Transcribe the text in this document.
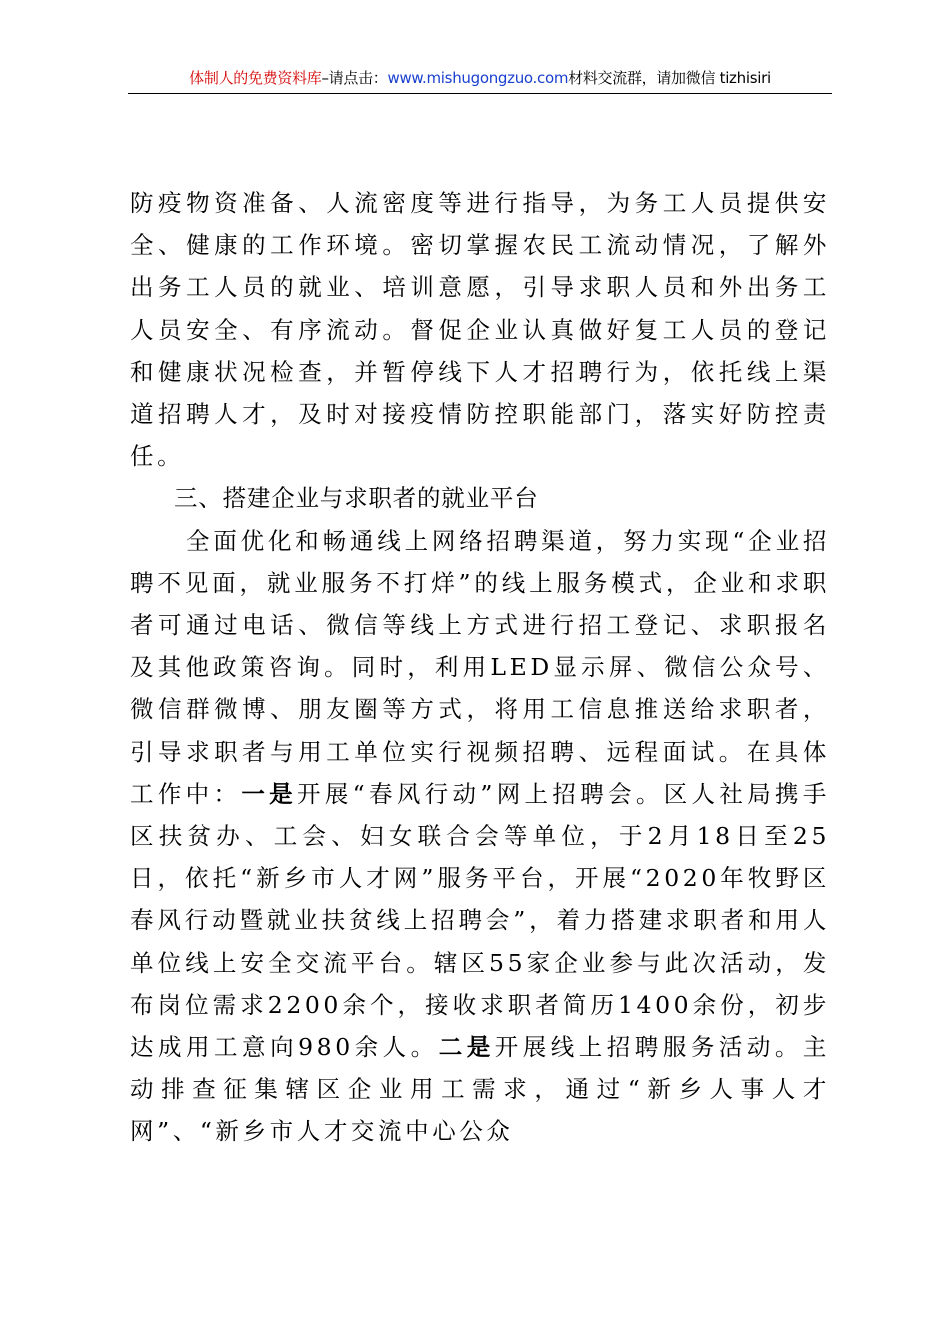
体制人的免费资料库–请点击：www.mishugongzuo.com材料交流群，请加微信 tizhisiri

防疫物资准备、人流密度等进行指导，为务工人员提供安全、健康的工作环境。密切掌握农民工流动情况，了解外出务工人员的就业、培训意愿，引导求职人员和外出务工人员安全、有序流动。督促企业认真做好复工人员的登记和健康状况检查，并暂停线下人才招聘行为，依托线上渠道招聘人才，及时对接疫情防控职能部门，落实好防控责任。

三、搭建企业与求职者的就业平台

全面优化和畅通线上网络招聘渠道，努力实现“企业招聘不见面，就业服务不打烊”的线上服务模式，企业和求职者可通过电话、微信等线上方式进行招工登记、求职报名及其他政策咨询。同时，利用LED显示屏、微信公众号、微信群微博、朋友圈等方式，将用工信息推送给求职者，引导求职者与用工单位实行视频招聘、远程面试。在具体工作中：一是开展“春风行动”网上招聘会。区人社局携手区扶贫办、工会、妇女联合会等单位，于2月18日至25日，依托“新乡市人才网”服务平台，开展“2020年牧野区春风行动暨就业扶贫线上招聘会”，着力搭建求职者和用人单位线上安全交流平台。辖区55家企业参与此次活动，发布岗位需求2200余个，接收求职者简历1400余份，初步达成用工意向980余人。二是开展线上招聘服务活动。主动排查征集辖区企业用工需求，通过“新乡人事人才网”、“新乡市人才交流中心公众
